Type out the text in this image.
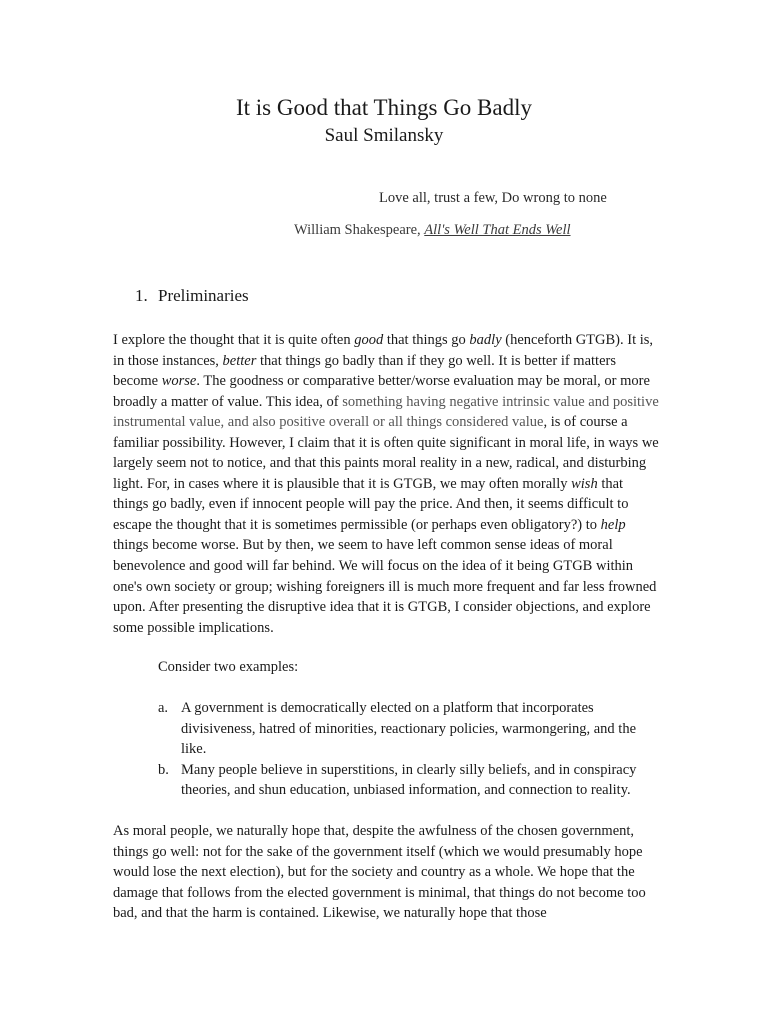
It is Good that Things Go Badly
Saul Smilansky
Love all, trust a few, Do wrong to none
William Shakespeare, All's Well That Ends Well
1. Preliminaries

I explore the thought that it is quite often good that things go badly (henceforth GTGB). It is, in those instances, better that things go badly than if they go well. It is better if matters become worse. The goodness or comparative better/worse evaluation may be moral, or more broadly a matter of value. This idea, of something having negative intrinsic value and positive instrumental value, and also positive overall or all things considered value, is of course a familiar possibility. However, I claim that it is often quite significant in moral life, in ways we largely seem not to notice, and that this paints moral reality in a new, radical, and disturbing light. For, in cases where it is plausible that it is GTGB, we may often morally wish that things go badly, even if innocent people will pay the price. And then, it seems difficult to escape the thought that it is sometimes permissible (or perhaps even obligatory?) to help things become worse. But by then, we seem to have left common sense ideas of moral benevolence and good will far behind. We will focus on the idea of it being GTGB within one's own society or group; wishing foreigners ill is much more frequent and far less frowned upon. After presenting the disruptive idea that it is GTGB, I consider objections, and explore some possible implications.

Consider two examples:
a. A government is democratically elected on a platform that incorporates divisiveness, hatred of minorities, reactionary policies, warmongering, and the like.
b. Many people believe in superstitions, in clearly silly beliefs, and in conspiracy theories, and shun education, unbiased information, and connection to reality.

As moral people, we naturally hope that, despite the awfulness of the chosen government, things go well: not for the sake of the government itself (which we would presumably hope would lose the next election), but for the society and country as a whole. We hope that the damage that follows from the elected government is minimal, that things do not become too bad, and that the harm is contained. Likewise, we naturally hope that those
